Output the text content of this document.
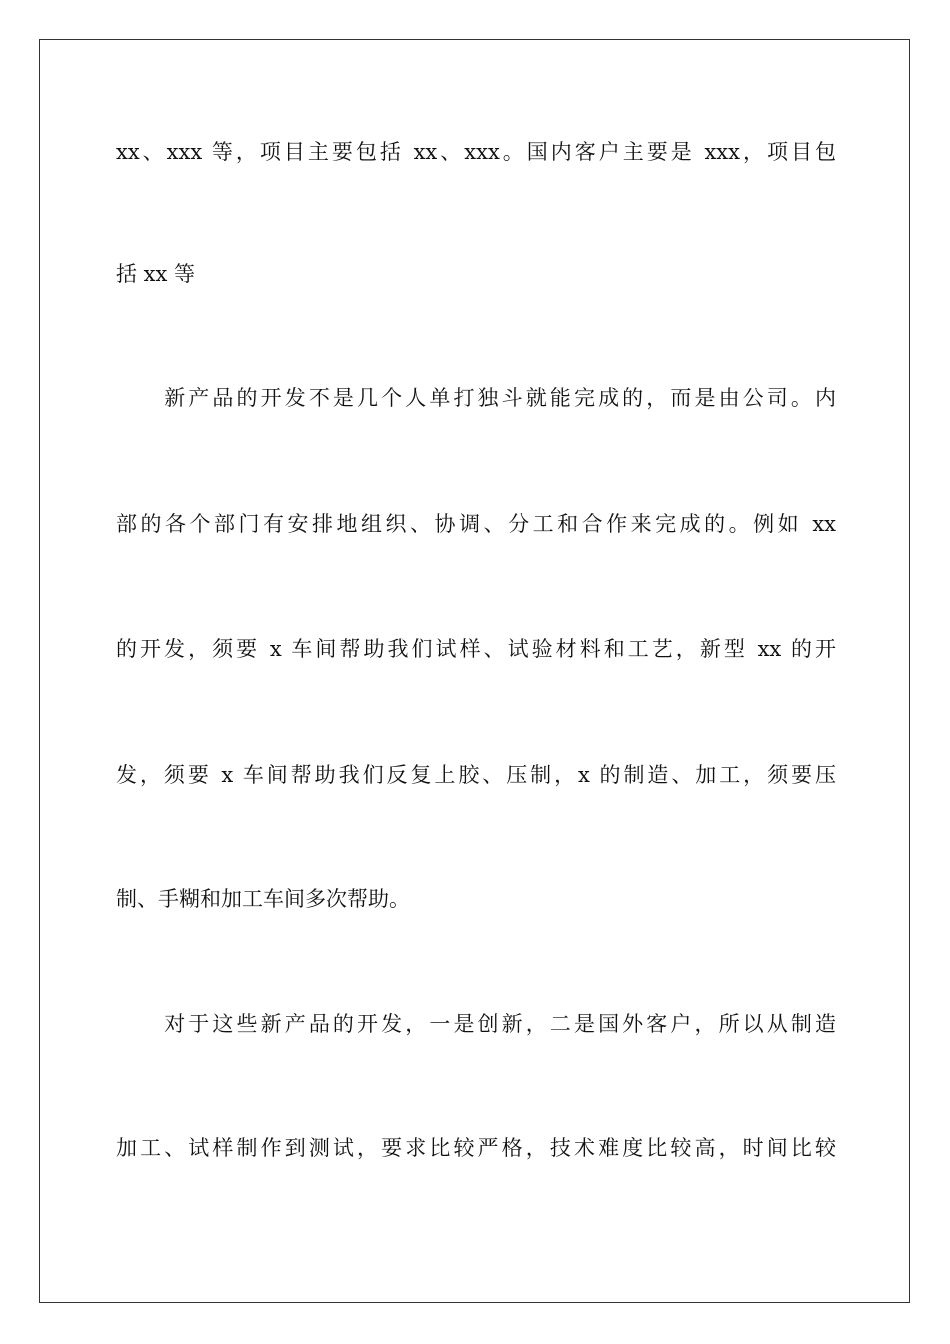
xx、xxx 等，项目主要包括 xx、xxx。国内客户主要是 xxx，项目包
括 xx 等
　　新产品的开发不是几个人单打独斗就能完成的，而是由公司。内
部的各个部门有安排地组织、协调、分工和合作来完成的。例如 xx
的开发，须要 x 车间帮助我们试样、试验材料和工艺，新型 xx 的开
发，须要 x 车间帮助我们反复上胶、压制，x 的制造、加工，须要压
制、手糊和加工车间多次帮助。
　　对于这些新产品的开发，一是创新，二是国外客户，所以从制造
加工、试样制作到测试，要求比较严格，技术难度比较高，时间比较
